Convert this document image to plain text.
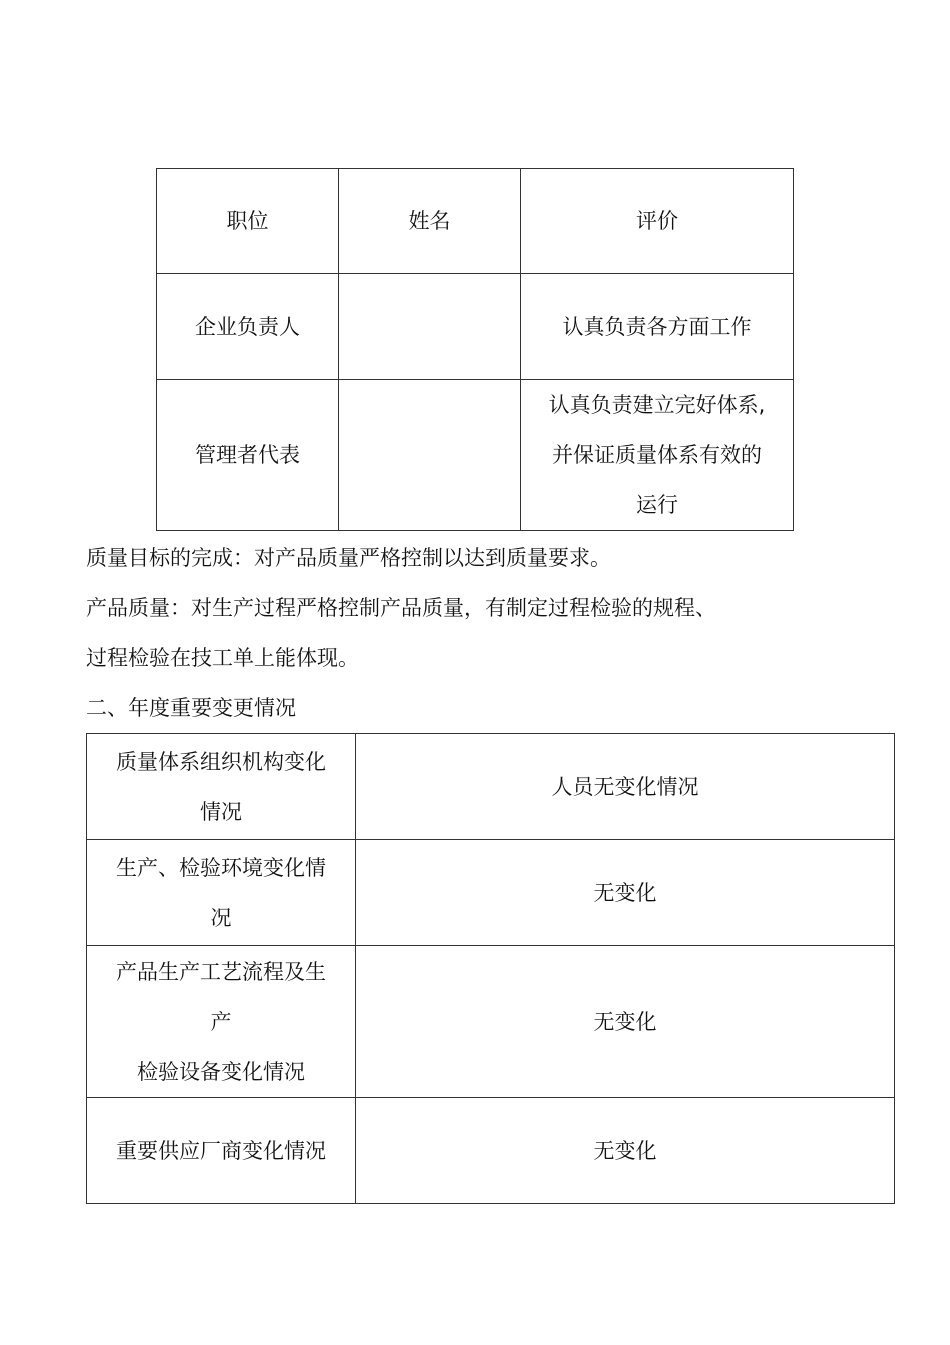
职位	姓名	评价
企业负责人		认真负责各方面工作
管理者代表		认真负责建立完好体系,
并保证质量体系有效的
运行
质量目标的完成：对产品质量严格控制以达到质量要求。
产品质量：对生产过程严格控制产品质量，有制定过程检验的规程、
过程检验在技工单上能体现。
二、年度重要变更情况
质量体系组织机构变化
情况	人员无变化情况

生产、检验环境变化情
况	无变化

产品生产工艺流程及生
产
检验设备变化情况	无变化
重要供应厂商变化情况	无变化
